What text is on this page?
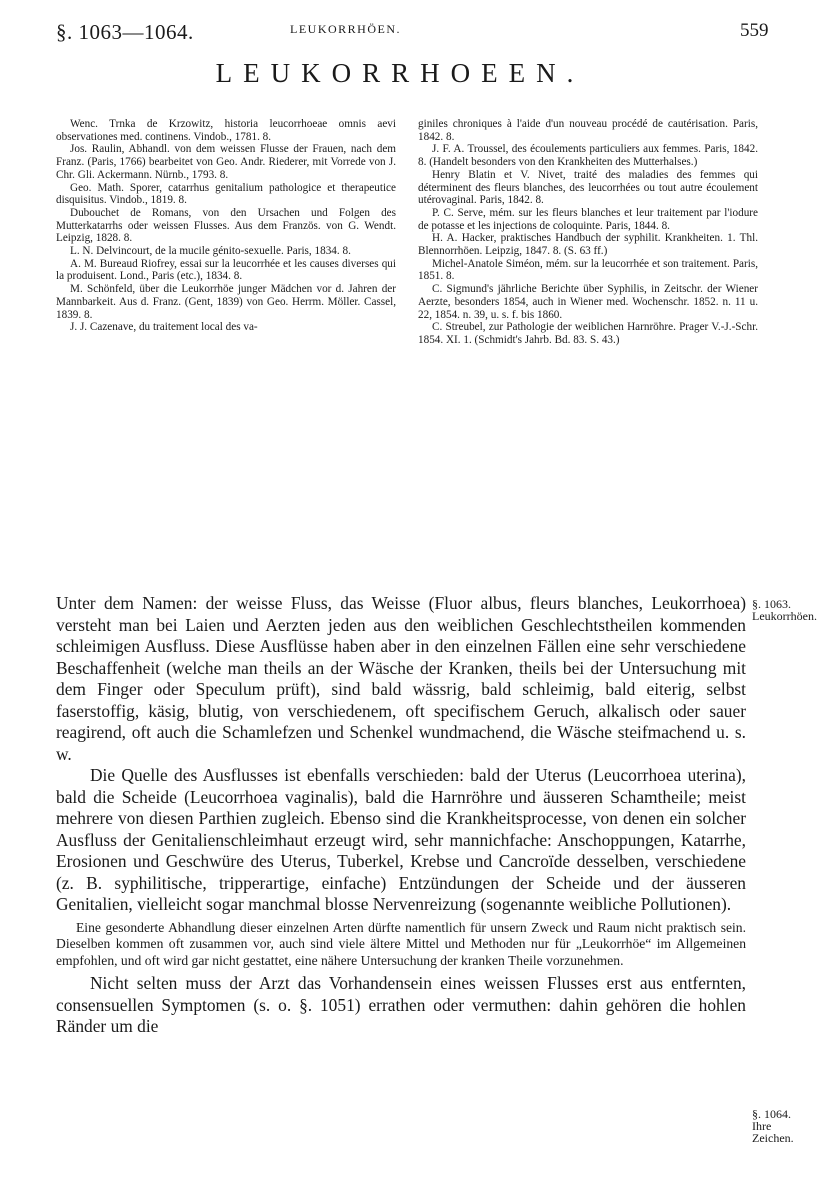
§. 1063—1064.	LEUKORRHÖEN.	559
LEUKORRHOEEN.

Wenc. Trnka de Krzowitz, historia leucorrhoeae omnis aevi observationes med. continens. Vindob., 1781. 8.

Jos. Raulin, Abhandl. von dem weissen Flusse der Frauen, nach dem Franz. (Paris, 1766) bearbeitet von Geo. Andr. Riederer, mit Vorrede von J. Chr. Gli. Ackermann. Nürnb., 1793. 8.

Geo. Math. Sporer, catarrhus genitalium pathologice et therapeutice disquisitus. Vindob., 1819. 8.

Dubouchet de Romans, von den Ursachen und Folgen des Mutterkatarrhs oder weissen Flusses. Aus dem Französ. von G. Wendt. Leipzig, 1828. 8.

L. N. Delvincourt, de la mucile génito-sexuelle. Paris, 1834. 8.

A. M. Bureaud Riofrey, essai sur la leucorrhée et les causes diverses qui la produisent. Lond., Paris (etc.), 1834. 8.

M. Schönfeld, über die Leukorrhöe junger Mädchen vor d. Jahren der Mannbarkeit. Aus d. Franz. (Gent, 1839) von Geo. Herrm. Möller. Cassel, 1839. 8.

J. J. Cazenave, du traitement local des va-

giniles chroniques à l'aide d'un nouveau procédé de cautérisation. Paris, 1842. 8.

J. F. A. Troussel, des écoulements particuliers aux femmes. Paris, 1842. 8. (Handelt besonders von den Krankheiten des Mutterhalses.)

Henry Blatin et V. Nivet, traité des maladies des femmes qui déterminent des fleurs blanches, des leucorrhées ou tout autre écoulement utérovaginal. Paris, 1842. 8.

P. C. Serve, mém. sur les fleurs blanches et leur traitement par l'iodure de potasse et les injections de coloquinte. Paris, 1844. 8.

H. A. Hacker, praktisches Handbuch der syphilit. Krankheiten. 1. Thl. Blennorrhöen. Leipzig, 1847. 8. (S. 63 ff.)

Michel-Anatole Siméon, mém. sur la leucorrhée et son traitement. Paris, 1851. 8.

C. Sigmund's jährliche Berichte über Syphilis, in Zeitschr. der Wiener Aerzte, besonders 1854, auch in Wiener med. Wochenschr. 1852. n. 11 u. 22, 1854. n. 39, u. s. f. bis 1860.

C. Streubel, zur Pathologie der weiblichen Harnröhre. Prager V.-J.-Schr. 1854. XI. 1. (Schmidt's Jahrb. Bd. 83. S. 43.)

Unter dem Namen: der weisse Fluss, das Weisse (Fluor albus, fleurs blanches, Leukorrhoea) versteht man bei Laien und Aerzten jeden aus den weiblichen Geschlechtstheilen kommenden schleimigen Ausfluss. Diese Ausflüsse haben aber in den einzelnen Fällen eine sehr verschiedene Beschaffenheit (welche man theils an der Wäsche der Kranken, theils bei der Untersuchung mit dem Finger oder Speculum prüft), sind bald wässrig, bald schleimig, bald eiterig, selbst faserstoffig, käsig, blutig, von verschiedenem, oft specifischem Geruch, alkalisch oder sauer reagirend, oft auch die Schamlefzen und Schenkel wundmachend, die Wäsche steifmachend u. s. w.

Die Quelle des Ausflusses ist ebenfalls verschieden: bald der Uterus (Leucorrhoea uterina), bald die Scheide (Leucorrhoea vaginalis), bald die Harnröhre und äusseren Schamtheile; meist mehrere von diesen Parthien zugleich. Ebenso sind die Krankheitsprocesse, von denen ein solcher Ausfluss der Genitalienschleimhaut erzeugt wird, sehr mannichfache: Anschoppungen, Katarrhe, Erosionen und Geschwüre des Uterus, Tuberkel, Krebse und Cancroïde desselben, verschiedene (z. B. syphilitische, tripperartige, einfache) Entzündungen der Scheide und der äusseren Genitalien, vielleicht sogar manchmal blosse Nervenreizung (sogenannte weibliche Pollutionen).

Eine gesonderte Abhandlung dieser einzelnen Arten dürfte namentlich für unsern Zweck und Raum nicht praktisch sein. Dieselben kommen oft zusammen vor, auch sind viele ältere Mittel und Methoden nur für „Leukorrhöe“ im Allgemeinen empfohlen, und oft wird gar nicht gestattet, eine nähere Untersuchung der kranken Theile vorzunehmen.

Nicht selten muss der Arzt das Vorhandensein eines weissen Flusses erst aus entfernten, consensuellen Symptomen (s. o. §. 1051) errathen oder vermuthen: dahin gehören die hohlen Ränder um die

§. 1063. Leukorrhöen.
§. 1064. Ihre Zeichen.
